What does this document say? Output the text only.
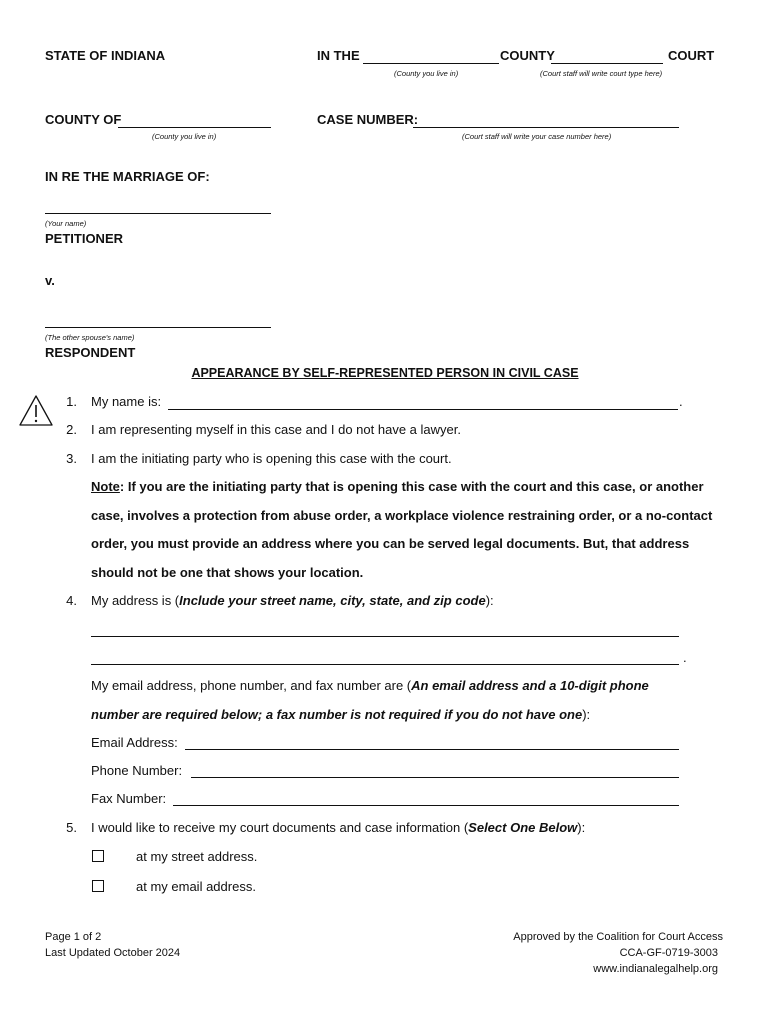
STATE OF INDIANA	IN THE	COUNTY	COURT
(County you live in)	(Court staff will write court type here)
COUNTY OF
(County you live in)
CASE NUMBER:
(Court staff will write your case number here)
IN RE THE MARRIAGE OF:
(Your name)
PETITIONER
v.
(The other spouse's name)
RESPONDENT
APPEARANCE BY SELF-REPRESENTED PERSON IN CIVIL CASE
1. My name is:	.
2. I am representing myself in this case and I do not have a lawyer.
3. I am the initiating party who is opening this case with the court.
Note: If you are the initiating party that is opening this case with the court and this case, or another
case, involves a protection from abuse order, a workplace violence restraining order, or a no-contact
order, you must provide an address where you can be served legal documents. But, that address
should not be one that shows your location.
4. My address is (Include your street name, city, state, and zip code):
.
My email address, phone number, and fax number are (An email address and a 10-digit phone
number are required below; a fax number is not required if you do not have one):
Email Address:
Phone Number:
Fax Number:
5. I would like to receive my court documents and case information (Select One Below):
at my street address.
at my email address.
Page 1 of 2
Last Updated October 2024
Approved by the Coalition for Court Access
CCA-GF-0719-3003
www.indianalegalhelp.org
